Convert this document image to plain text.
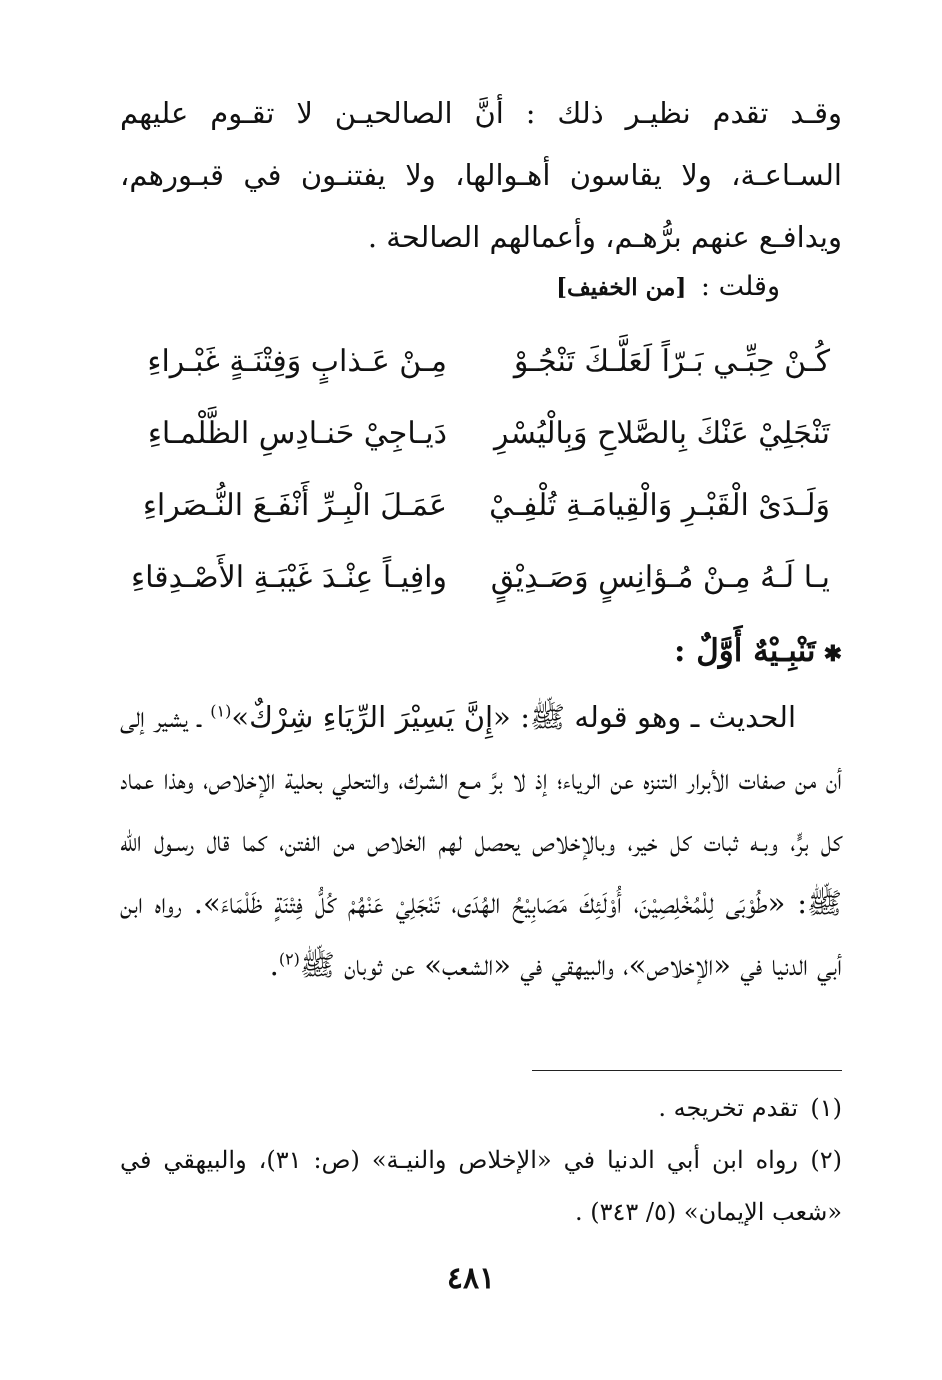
وقـد تقدم نظيـر ذلك : أنَّ الصالحيـن لا تقـوم عليهم السـاعـة، ولا يقاسون أهـوالها، ولا يفتنـون في قبـورهم، ويدافـع عنهم برُّهـم، وأعمالهم الصالحة .
وقلت : [من الخفيف]
كُـنْ حِبِّـي بَـرّاً لَعَلَّـكَ تَنْجُـوْ
مِـنْ عَـذابٍ وَفِتْنَـةٍ غَبْـراءِ
تَنْجَلِيْ عَنْكَ بِالصَّلاحِ وَبِالْيُسْرِ
دَيـاجِيْ حَنـادِسِ الظَّلْمـاءِ
وَلَـدَىْ الْقَبْـرِ وَالْقِيامَـةِ تُلْفِـيْ
عَمَـلَ الْبِـرِّ أَنْفَـعَ النُّـصَراءِ
يـا لَـهُ مِـنْ مُـؤانِسٍ وَصَـدِيْقٍ
وافِيـاً عِنْـدَ غَيْبَـةِ الأَصْـدِقاءِ
✱تَنْبِـيْهٌ أَوَّلٌ :
الحديث ـ وهو قوله ﷺ: «إِنَّ يَسِيْرَ الرِّيَاءِ شِرْكٌ»$^{(١)}$ ـ يشير إلى أن من صفات الأبرار التنزه عن الرياء؛ إذ لا برَّ مـع الشرك، والتحلي بحلية الإخلاص، وهذا عماد كل برٍّ، وبـه ثبات كل خير، وبالإخلاص يحصل لهم الخلاص من الفتن، كما قال رسـول الله ﷺ: «طُوْبَى لِلْمُخْلِصِيْنَ، أُوْلَئِكَ مَصَابِيْحُ الهُدَى، تَنْجَلِيْ عَنْهُمْ كُلُّ فِتْنَةٍ ظَلْمَاءَ». رواه ابن أبي الدنيا في «الإخلاص»، والبيهقي في «الشعب» عن ثوبان ﷺ$^{(٢)}$.
(١)تقدم تخريجه .
(٢)رواه ابن أبي الدنيا في «الإخلاص والنيـة» (ص: ٣١)، والبيهقي في «شعب الإيمان» (٥/ ٣٤٣) .
٤٨١
